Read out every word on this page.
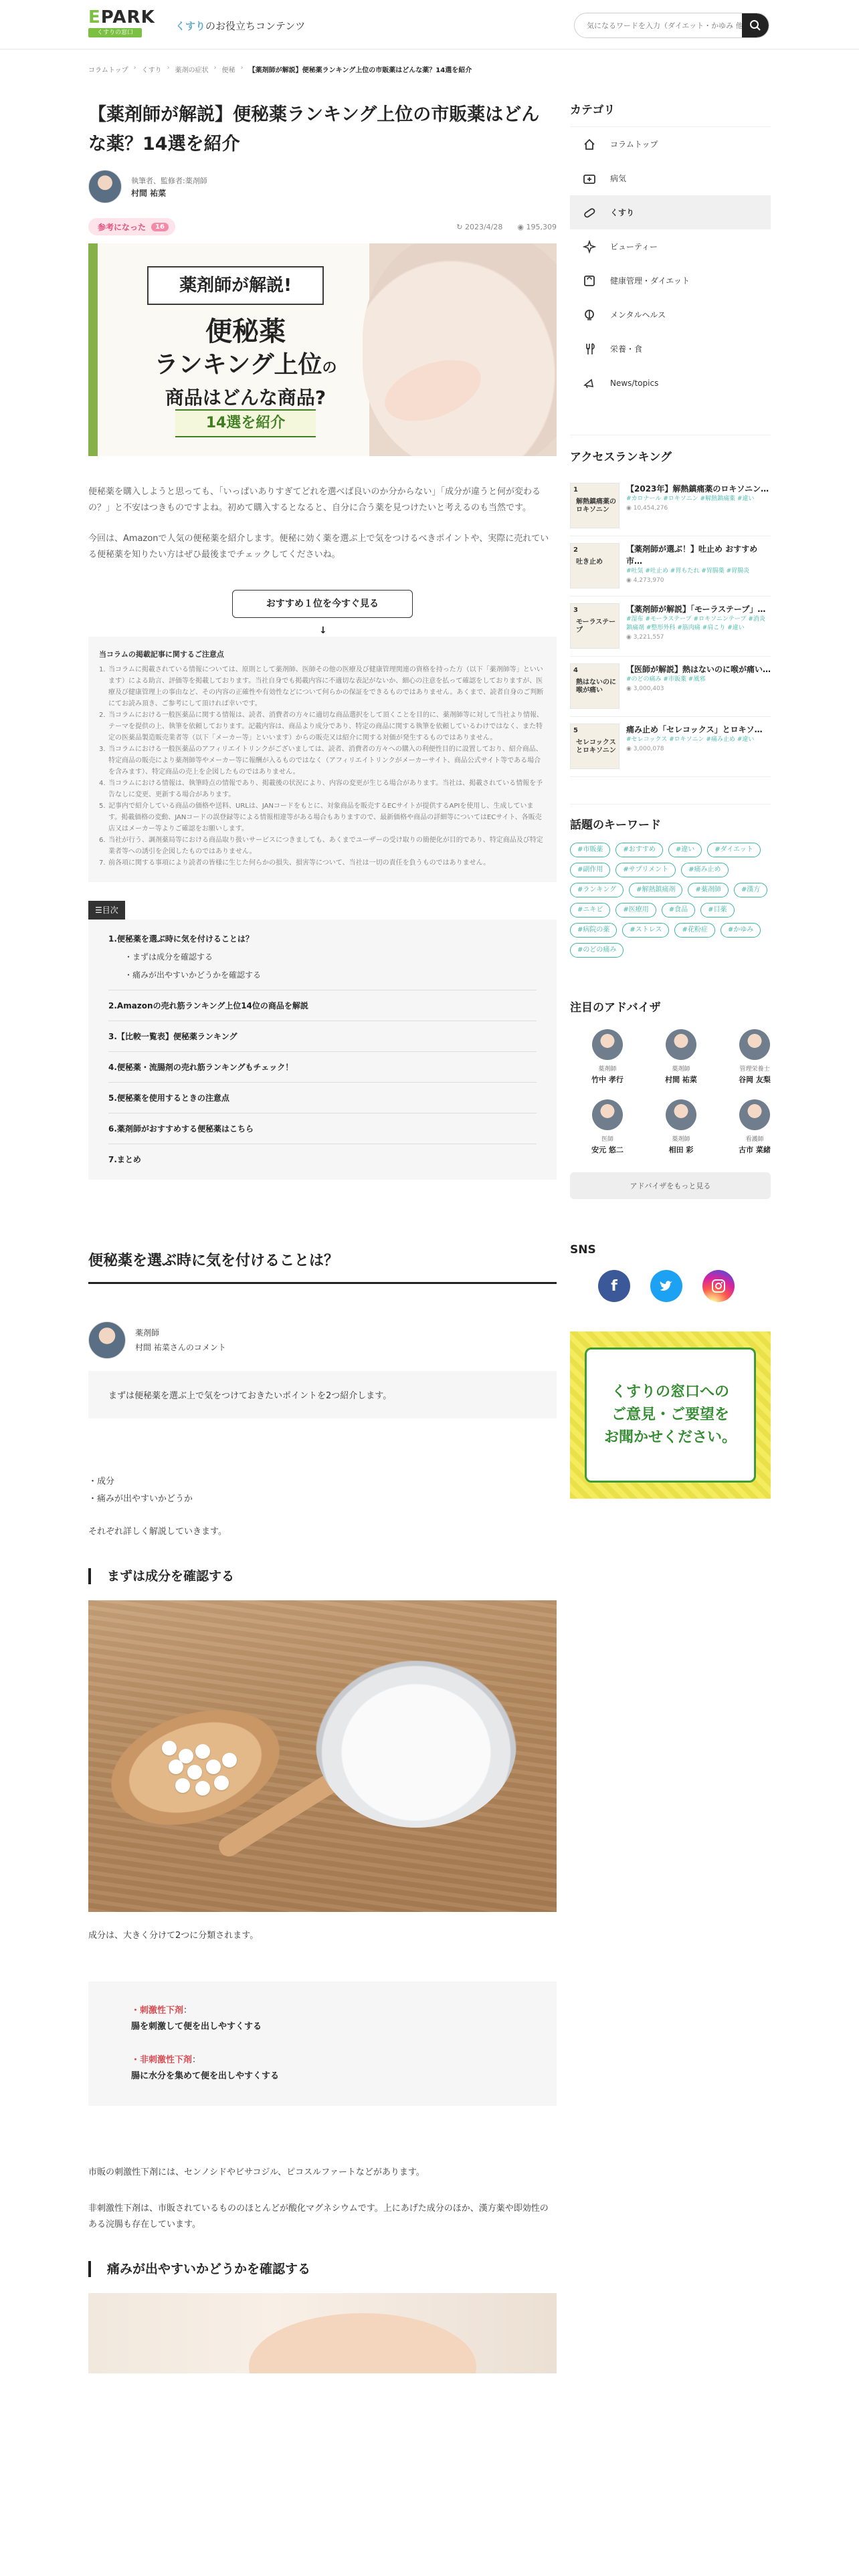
EPARK
くすりの窓口
くすりのお役立ちコンテンツ
気になるワードを入力（ダイエット・かゆみ 他）
コラムトップ › くすり › 薬剤の症状 › 便秘 › 【薬剤師が解説】便秘薬ランキング上位の市販薬はどんな薬？14選を紹介
【薬剤師が解説】便秘薬ランキング上位の市販薬はどんな薬？14選を紹介
執筆者、監修者:薬剤師
村間 祐菜
参考になった	16	↻ 2023/4/28 ◉ 195,309
薬剤師が解説!
便秘薬
ランキング上位の
商品はどんな商品?
14選を紹介

便秘薬を購入しようと思っても、「いっぱいありすぎてどれを選べば良いのか分からない」「成分が違うと何が変わるの？」と不安はつきものですよね。初めて購入するとなると、自分に合う薬を見つけたいと考えるのも当然です。

今回は、Amazonで人気の便秘薬を紹介します。便秘に効く薬を選ぶ上で気をつけるべきポイントや、実際に売れている便秘薬を知りたい方はぜひ最後までチェックしてくださいね。

おすすめ１位を今すぐ見る
↓
当コラムの掲載記事に関するご注意点
当コラムに掲載されている情報については、原則として薬剤師、医師その他の医療及び健康管理関連の資格を持った方（以下「薬剤師等」といいます）による助言、評価等を掲載しております。当社自身でも掲載内容に不適切な表記がないか、細心の注意を払って確認をしておりますが、医療及び健康管理上の事由など、その内容の正確性や有効性などについて何らかの保証をできるものではありません。あくまで、読者自身のご判断にてお読み頂き、ご参考にして頂ければ幸いです。
当コラムにおける一般医薬品に関する情報は、読者、消費者の方々に適切な商品選択をして頂くことを目的に、薬剤師等に対して当社より情報、テーマを提供の上、執筆を依頼しております。記載内容は、商品より成分であり、特定の商品に関する執筆を依頼しているわけではなく、また特定の医薬品製造販売業者等（以下「メーカー等」といいます）からの販売又は紹介に関する対価が発生するものではありません。
当コラムにおける一般医薬品のアフィリエイトリンクがございましては、読者、消費者の方々への購入の利便性目的に設置しており、紹介商品、特定商品の販売により薬剤師等やメーカー等に報酬が入るものではなく（アフィリエイトリンクがメーカーサイト、商品公式サイト等である場合を含みます）、特定商品の売上を企図したものではありません。
当コラムにおける情報は、執筆時点の情報であり、掲載後の状況により、内容の変更が生じる場合があります。当社は、掲載されている情報を予告なしに変更、更新する場合があります。
記事内で紹介している商品の価格や送料、URLは、JANコードをもとに、対象商品を販売するECサイトが提供するAPIを使用し、生成しています。掲載価格の変動、JANコードの誤登録等による情報相違等がある場合もありますので、最新価格や商品の詳細等についてはECサイト、各販売店又はメーカー等よりご確認をお願いします。
当社が行う、調剤薬局等における商品取り扱いサービスにつきましても、あくまでユーザーの受け取りの簡便化が目的であり、特定商品及び特定業者等への誘引を企図したものではありません。
前各項に関する事項により読者の皆様に生じた何らかの損失、損害等について、当社は一切の責任を負うものではありません。
☰目次
1.便秘薬を選ぶ時に気を付けることは？
・まずは成分を確認する
・痛みが出やすいかどうかを確認する
2.Amazonの売れ筋ランキング上位14位の商品を解説
3.【比較一覧表】便秘薬ランキング
4.便秘薬・流腸剤の売れ筋ランキングもチェック！
5.便秘薬を使用するときの注意点
6.薬剤師がおすすめする便秘薬はこちら
7.まとめ
便秘薬を選ぶ時に気を付けることは？
薬剤師
村間 祐菜さんのコメント
まずは便秘薬を選ぶ上で気をつけておきたいポイントを2つ紹介します。
・成分
・痛みが出やすいかどうか

それぞれ詳しく解説していきます。

まずは成分を確認する

成分は、大きく分けて2つに分類されます。

・刺激性下剤：
腸を刺激して便を出しやすくする
・非刺激性下剤：
腸に水分を集めて便を出しやすくする

市販の刺激性下剤には、センノシドやビサコジル、ピコスルファートなどがあります。

非刺激性下剤は、市販されているもののほとんどが酸化マグネシウムです。上にあげた成分のほか、漢方薬や即効性のある浣腸も存在しています。

痛みが出やすいかどうかを確認する
カテゴリ
コラムトップ
病気
くすり
ビューティー
健康管理・ダイエット
メンタルヘルス
栄養・食
News/topics
アクセスランキング
1
解熱鎮痛薬のロキソニン
【2023年】解熱鎮痛薬のロキソニン…
#カロナール #ロキソニン #解熱鎮痛薬 #違い
◉ 10,454,276
2
吐き止め
【薬剤師が選ぶ！】吐止め おすすめ市…
#吐気 #吐止め #胃もたれ #胃腸薬 #胃腸炎
◉ 4,273,970
3
モーラステープ
【薬剤師が解説】「モーラステープ」…
#湿布 #モーラステープ #ロキソニンテープ #消炎鎮痛剤 #整形外科 #筋肉痛 #肩こり #違い
◉ 3,221,557
4
熱はないのに喉が痛い
【医師が解説】熱はないのに喉が痛い…
#のどの痛み #市販薬 #風邪
◉ 3,000,403
5
セレコックスとロキソニン
痛み止め「セレコックス」とロキソ…
#セレコックス #ロキソニン #痛み止め #違い
◉ 3,000,078
話題のキーワード
#市販薬	#おすすめ	#違い	#ダイエット
#副作用	#サプリメント	#痛み止め
#ランキング	#解熱鎮痛剤	#薬剤師	#漢方
#ニキビ	#医療用	#食品	#目薬
#病院の薬	#ストレス	#花粉症	#かゆみ
#のどの痛み
注目のアドバイザ
薬剤師
竹中 孝行
薬剤師
村間 祐菜
管理栄養士
谷岡 友梨
医師
安元 悠二
薬剤師
相田 彩
看護師
古市 菜緒
アドバイザをもっと見る
SNS
f
くすりの窓口への
ご意見・ご要望を
お聞かせください。
